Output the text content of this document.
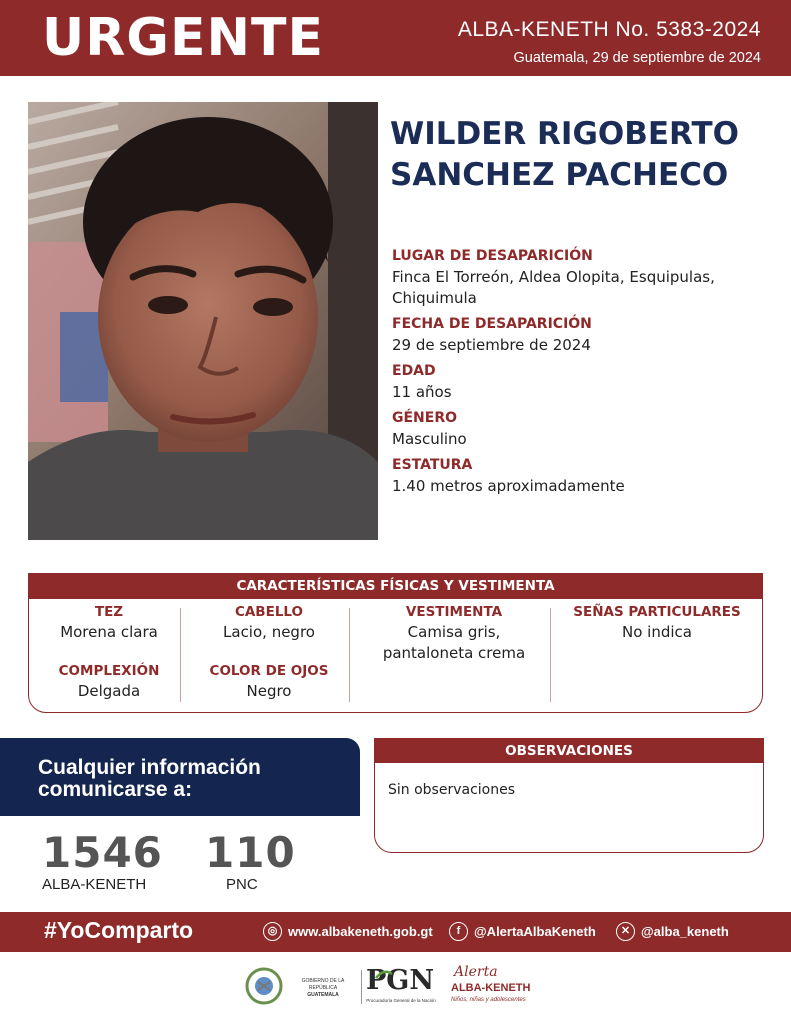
URGENTE	ALBA-KENETH No. 5383-2024
Guatemala, 29 de septiembre de 2024
WILDER RIGOBERTO
SANCHEZ PACHECO
LUGAR DE DESAPARICIÓN
Finca El Torreón, Aldea Olopita, Esquipulas, Chiquimula
FECHA DE DESAPARICIÓN
29 de septiembre de 2024
EDAD
11 años
GÉNERO
Masculino
ESTATURA
1.40 metros aproximadamente
CARACTERÍSTICAS FÍSICAS Y VESTIMENTA
TEZ
Morena clara
COMPLEXIÓN
Delgada
CABELLO
Lacio, negro
COLOR DE OJOS
Negro
VESTIMENTA
Camisa gris, pantaloneta crema
SEÑAS PARTICULARES
No indica
Cualquier información
comunicarse a:
1546
ALBA-KENETH
110
PNC
OBSERVACIONES
Sin observaciones
#YoComparto	◎ www.albakeneth.gob.gt	f	@AlertaAlbaKeneth	✕ @alba_keneth
GOBIERNO DE LA REPÚBLICA
GUATEMALA	PGN
Procuraduría General de la Nación
Alerta
ALBA-KENETH
Niños, niñas y adolescentes
